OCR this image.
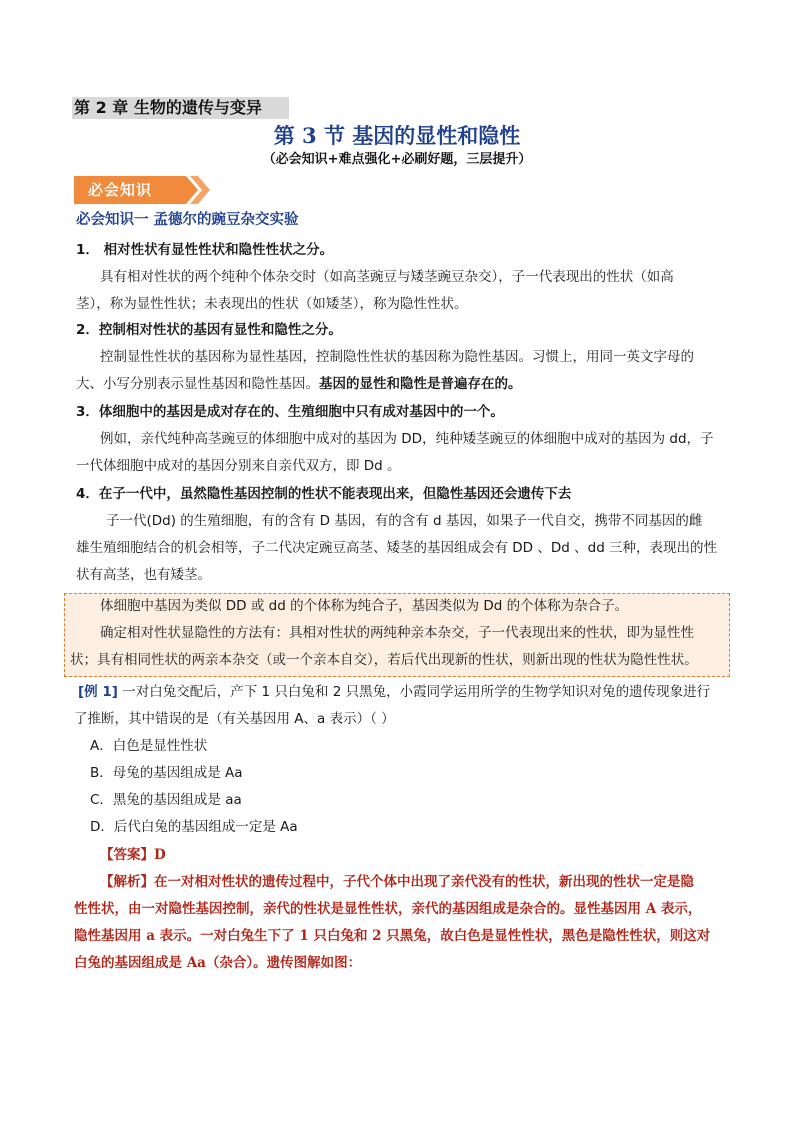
第 2 章 生物的遗传与变异
第 3 节 基因的显性和隐性
（必会知识+难点强化+必刷好题，三层提升）
必会知识
必会知识一 孟德尔的豌豆杂交实验
1． 相对性状有显性性状和隐性性状之分。
具有相对性状的两个纯种个体杂交时（如高茎豌豆与矮茎豌豆杂交），子一代表现出的性状（如高
茎），称为显性性状；未表现出的性状（如矮茎），称为隐性性状。
2．控制相对性状的基因有显性和隐性之分。
控制显性性状的基因称为显性基因，控制隐性性状的基因称为隐性基因。习惯上，用同一英文字母的
大、小写分别表示显性基因和隐性基因。基因的显性和隐性是普遍存在的。
3．体细胞中的基因是成对存在的、生殖细胞中只有成对基因中的一个。
例如，亲代纯种高茎豌豆的体细胞中成对的基因为 DD，纯种矮茎豌豆的体细胞中成对的基因为 dd，子
一代体细胞中成对的基因分别来自亲代双方，即 Dd 。
4．在子一代中，虽然隐性基因控制的性状不能表现出来，但隐性基因还会遗传下去
子一代(Dd) 的生殖细胞，有的含有 D 基因，有的含有 d 基因，如果子一代自交，携带不同基因的雌
雄生殖细胞结合的机会相等，子二代决定豌豆高茎、矮茎的基因组成会有 DD 、Dd 、dd 三种，表现出的性
状有高茎，也有矮茎。
体细胞中基因为类似 DD 或 dd 的个体称为纯合子，基因类似为 Dd 的个体称为杂合子。
确定相对性状显隐性的方法有：具相对性状的两纯种亲本杂交，子一代表现出来的性状，即为显性性
状；具有相同性状的两亲本杂交（或一个亲本自交），若后代出现新的性状，则新出现的性状为隐性性状。
[例 1] 一对白兔交配后，产下 1 只白兔和 2 只黑兔，小霞同学运用所学的生物学知识对兔的遗传现象进行
了推断，其中错误的是（有关基因用 A、a 表示）（ ）
A．白色是显性性状
B．母兔的基因组成是 Aa
C．黑兔的基因组成是 aa
D．后代白兔的基因组成一定是 Aa
【答案】D
【解析】在一对相对性状的遗传过程中，子代个体中出现了亲代没有的性状，新出现的性状一定是隐
性性状，由一对隐性基因控制，亲代的性状是显性性状，亲代的基因组成是杂合的。显性基因用 A 表示，
隐性基因用 a 表示。一对白兔生下了 1 只白兔和 2 只黑兔，故白色是显性性状，黑色是隐性性状，则这对
白兔的基因组成是 Aa（杂合）。遗传图解如图：
